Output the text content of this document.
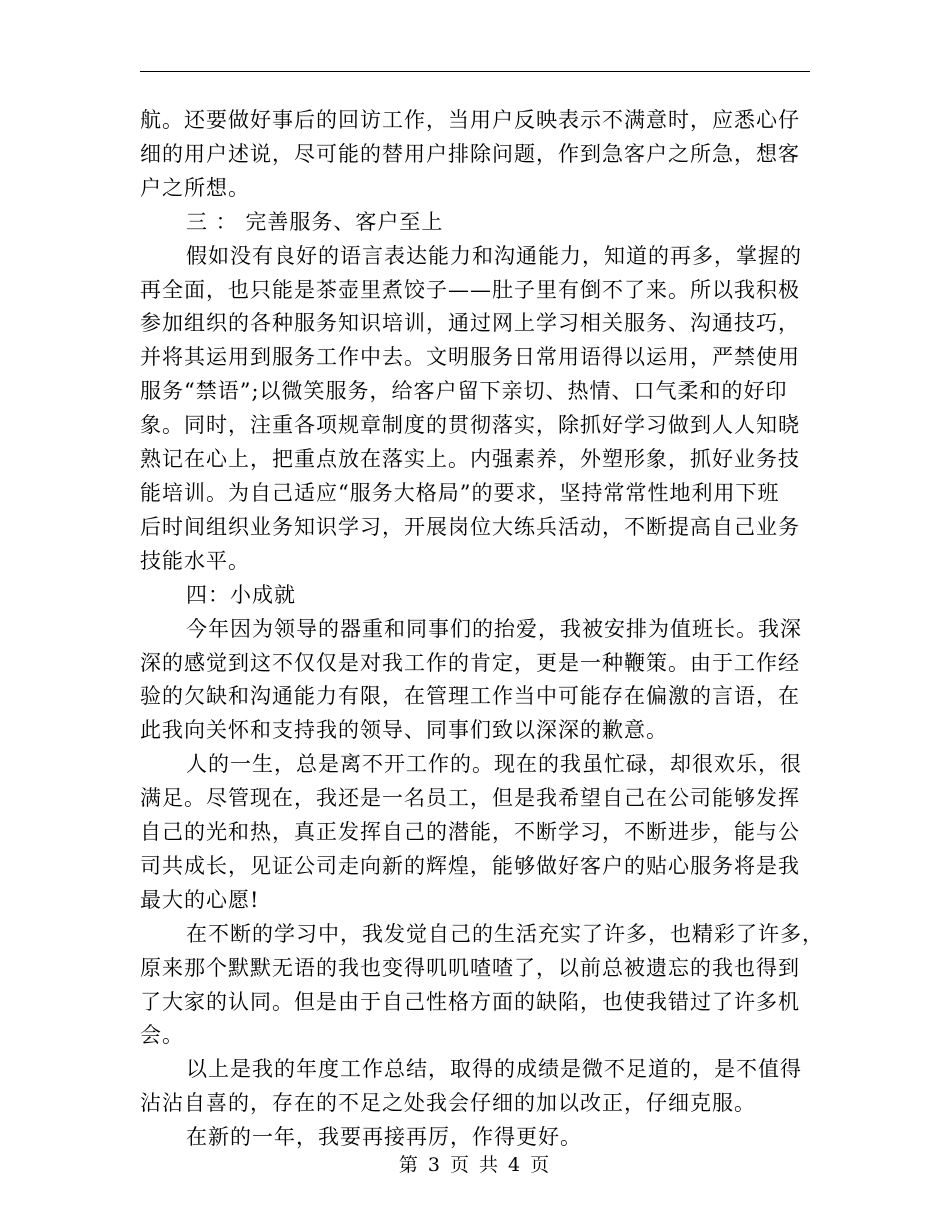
航。还要做好事后的回访工作，当用户反映表示不满意时，应悉心仔
细的用户述说，尽可能的替用户排除问题，作到急客户之所急，想客
户之所想。

三 ： 完善服务、客户至上

假如没有良好的语言表达能力和沟通能力，知道的再多，掌握的
再全面，也只能是茶壶里煮饺子——肚子里有倒不了来。所以我积极
参加组织的各种服务知识培训，通过网上学习相关服务、沟通技巧，
并将其运用到服务工作中去。文明服务日常用语得以运用，严禁使用
服务“禁语”;以微笑服务，给客户留下亲切、热情、口气柔和的好印
象。同时，注重各项规章制度的贯彻落实，除抓好学习做到人人知晓
熟记在心上，把重点放在落实上。内强素养，外塑形象，抓好业务技
能培训。为自己适应“服务大格局”的要求，坚持常常性地利用下班
后时间组织业务知识学习，开展岗位大练兵活动，不断提高自己业务
技能水平。

四：小成就

今年因为领导的器重和同事们的抬爱，我被安排为值班长。我深
深的感觉到这不仅仅是对我工作的肯定，更是一种鞭策。由于工作经
验的欠缺和沟通能力有限，在管理工作当中可能存在偏激的言语，在
此我向关怀和支持我的领导、同事们致以深深的歉意。

人的一生，总是离不开工作的。现在的我虽忙碌，却很欢乐，很
满足。尽管现在，我还是一名员工，但是我希望自己在公司能够发挥
自己的光和热，真正发挥自己的潜能，不断学习，不断进步，能与公
司共成长，见证公司走向新的辉煌，能够做好客户的贴心服务将是我
最大的心愿!

在不断的学习中，我发觉自己的生活充实了许多，也精彩了许多，
原来那个默默无语的我也变得叽叽喳喳了，以前总被遗忘的我也得到
了大家的认同。但是由于自己性格方面的缺陷，也使我错过了许多机
会。

以上是我的年度工作总结，取得的成绩是微不足道的，是不值得
沾沾自喜的，存在的不足之处我会仔细的加以改正，仔细克服。

在新的一年，我要再接再厉，作得更好。

第 3 页 共 4 页
